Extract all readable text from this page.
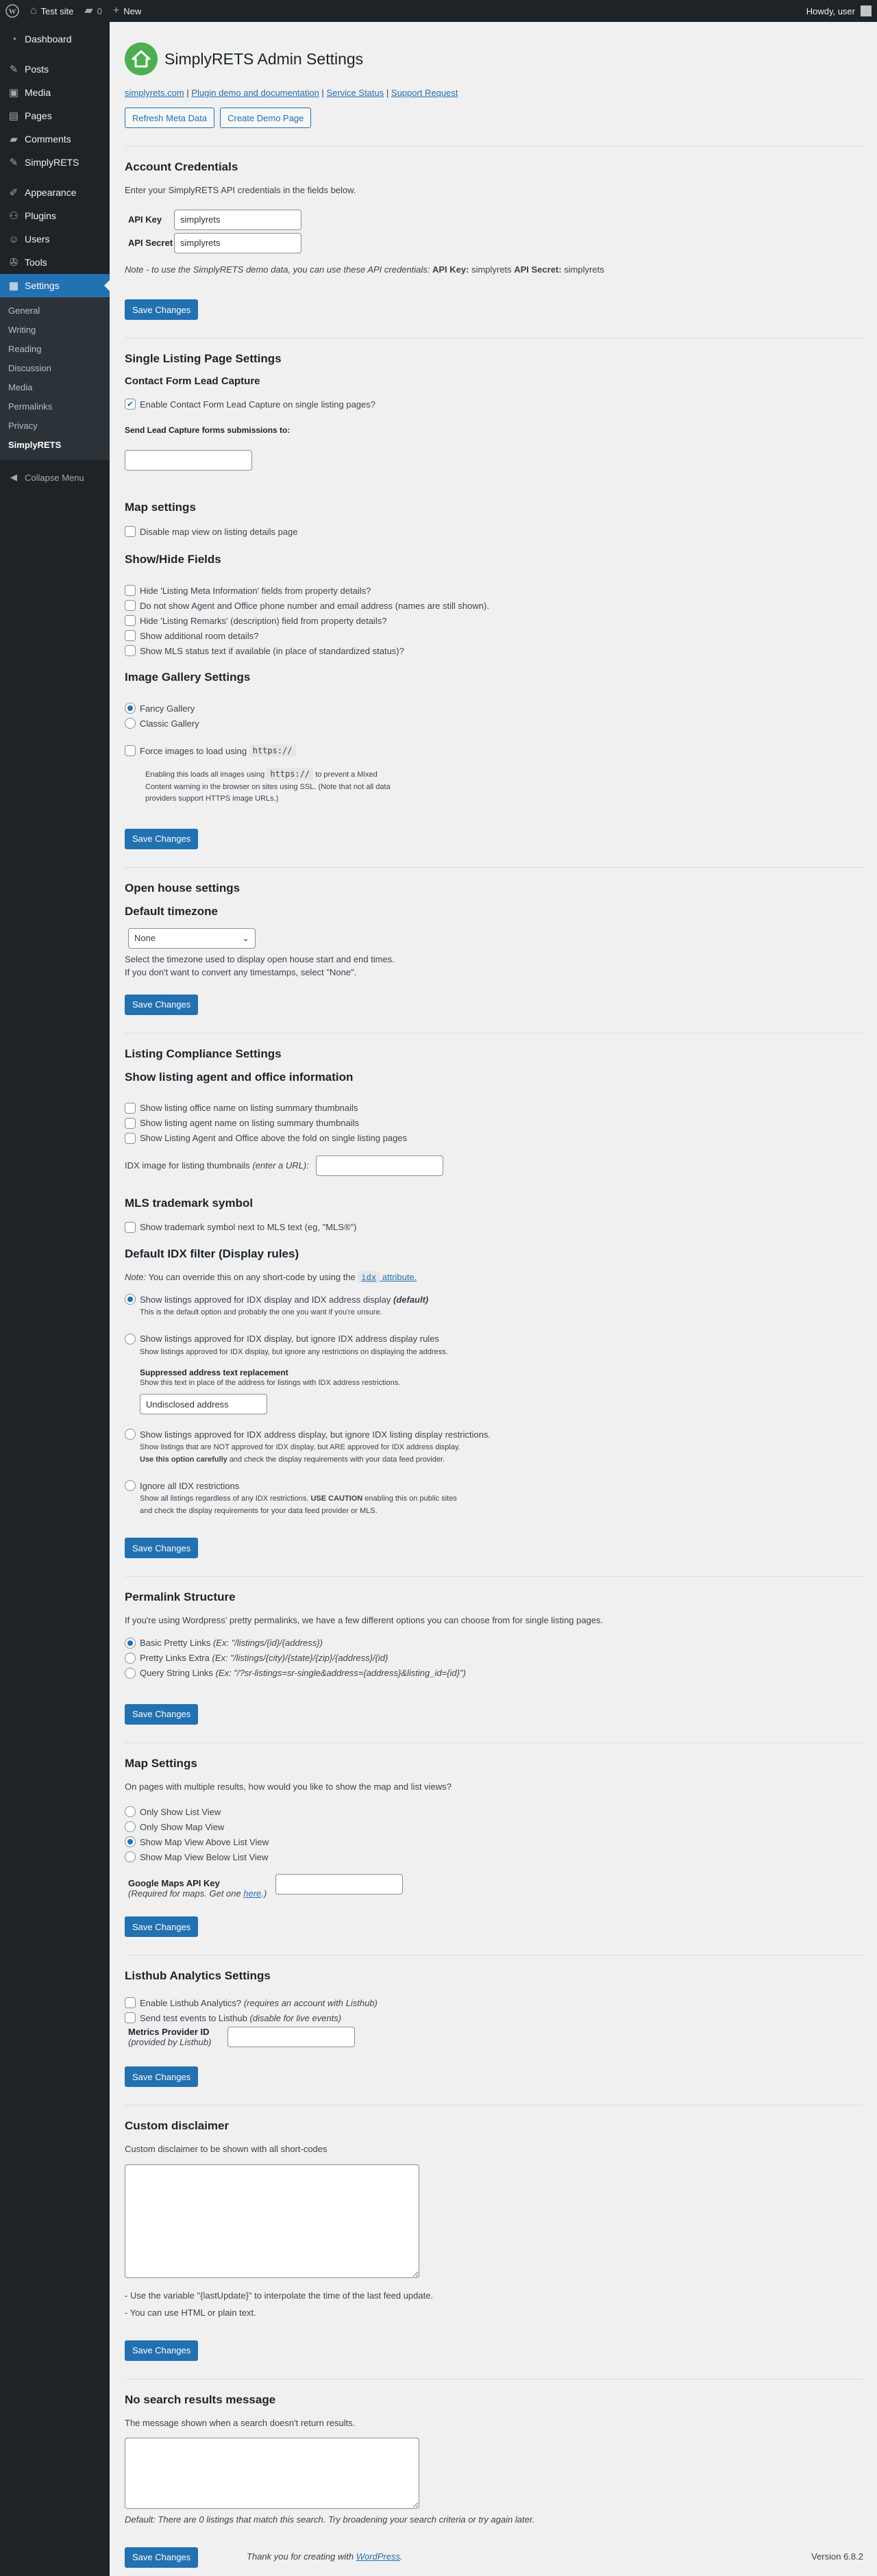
W ⌂ Test site ▰ 0 + New	Howdy, user
◔ Dashboard
✎ Posts
▣ Media
▤ Pages
▰ Comments
✎ SimplyRETS
✐ Appearance
⚇ Plugins
☺ Users
✇ Tools
▦ Settings
General
Writing
Reading
Discussion
Media
Permalinks
Privacy
SimplyRETS
◀ Collapse Menu
SimplyRETS Admin Settings
simplyrets.com | Plugin demo and documentation | Service Status | Support Request
Refresh Meta Data	Create Demo Page
Account Credentials

Enter your SimplyRETS API credentials in the fields below.

API Key
simplyrets
API Secret
simplyrets

Note - to use the SimplyRETS demo data, you can use these API credentials: API Key: simplyrets API Secret: simplyrets

Save Changes
Single Listing Page Settings
Contact Form Lead Capture
✔ Enable Contact Form Lead Capture on single listing pages?

Send Lead Capture forms submissions to:

Map settings
Disable map view on listing details page
Show/Hide Fields
Hide 'Listing Meta Information' fields from property details?
Do not show Agent and Office phone number and email address (names are still shown).
Hide 'Listing Remarks' (description) field from property details?
Show additional room details?
Show MLS status text if available (in place of standardized status)?
Image Gallery Settings
Fancy Gallery
Classic Gallery
Force images to load using
https://
Enabling this loads all images using https:// to prevent a Mixed Content warning in the browser on sites using SSL. (Note that not all data providers support HTTPS image URLs.)
Save Changes
Open house settings
Default timezone
None	⌄

Select the timezone used to display open house start and end times.

If you don't want to convert any timestamps, select "None".

Save Changes
Listing Compliance Settings
Show listing agent and office information
Show listing office name on listing summary thumbnails
Show listing agent name on listing summary thumbnails
Show Listing Agent and Office above the fold on single listing pages
IDX image for listing thumbnails (enter a URL):
MLS trademark symbol
Show trademark symbol next to MLS text (eg, "MLS®")
Default IDX filter (Display rules)

Note: You can override this on any short-code by using the idx attribute.

Show listings approved for IDX display and IDX address display
(default)
This is the default option and probably the one you want if you're unsure.
Show listings approved for IDX display, but ignore IDX address display rules
Show listings approved for IDX display, but ignore any restrictions on displaying the address.
Suppressed address text replacement
Show this text in place of the address for listings with IDX address restrictions.
Undisclosed address
Show listings approved for IDX address display, but ignore IDX listing display restrictions.
Show listings that are NOT approved for IDX display, but ARE approved for IDX address display.
Use this option carefully and check the display requirements with your data feed provider.
Ignore all IDX restrictions
Show all listings regardless of any IDX restrictions. USE CAUTION enabling this on public sites
and check the display requirements for your data feed provider or MLS.
Save Changes
Permalink Structure

If you're using Wordpress' pretty permalinks, we have a few different options you can choose from for single listing pages.

Basic Pretty Links
(Ex: "/listings/{id}/{address})
Pretty Links Extra
(Ex: "/listings/{city}/{state}/{zip}/{address}/{id}
Query String Links
(Ex: "/?sr-listings=sr-single&address={address}&listing_id={id}")
Save Changes
Map Settings

On pages with multiple results, how would you like to show the map and list views?

Only Show List View
Only Show Map View
Show Map View Above List View
Show Map View Below List View
Google Maps API Key
(Required for maps. Get one here.)
Save Changes
Listhub Analytics Settings
Enable Listhub Analytics?
(requires an account with Listhub)
Send test events to Listhub
(disable for live events)
Metrics Provider ID
(provided by Listhub)
Save Changes
Custom disclaimer

Custom disclaimer to be shown with all short-codes

- Use the variable "{lastUpdate}" to interpolate the time of the last feed update.

- You can use HTML or plain text.

Save Changes
No search results message

The message shown when a search doesn't return results.

Default: There are 0 listings that match this search. Try broadening your search criteria or try again later.

Save Changes	Thank you for creating with WordPress.	Version 6.8.2
